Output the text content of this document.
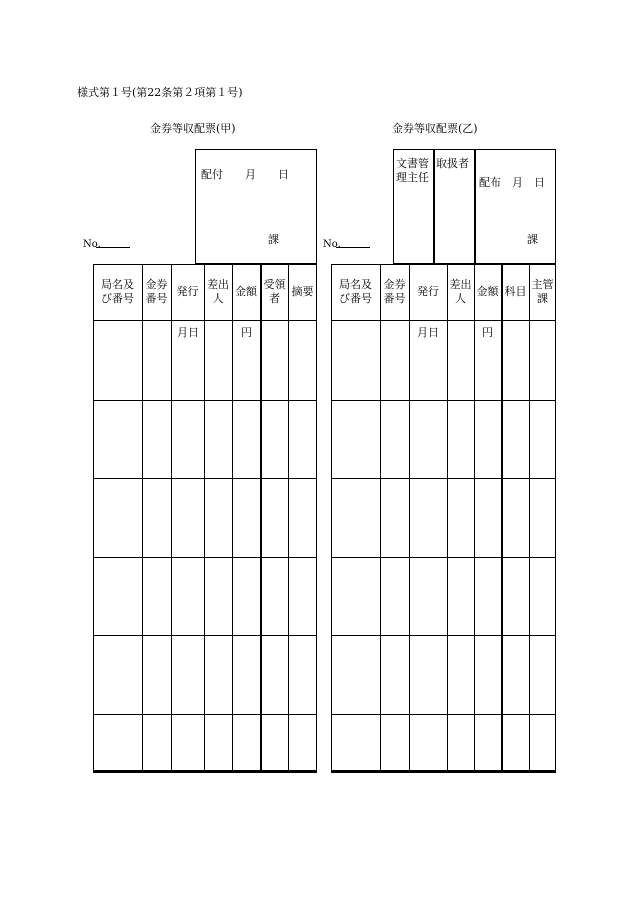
様式第１号(第22条第２項第１号)
金券等収配票(甲)
配付　　月　　日
課
No.
局名及
び番号
金券
番号
発行
差出
人
金額
受領
者
摘要
月日	円
金券等収配票(乙)
文書管
理主任
取扱者
配布　月　日
課
No.
局名及
び番号
金券
番号
発行
差出
人
金額 科目
主管
課
月日	円
